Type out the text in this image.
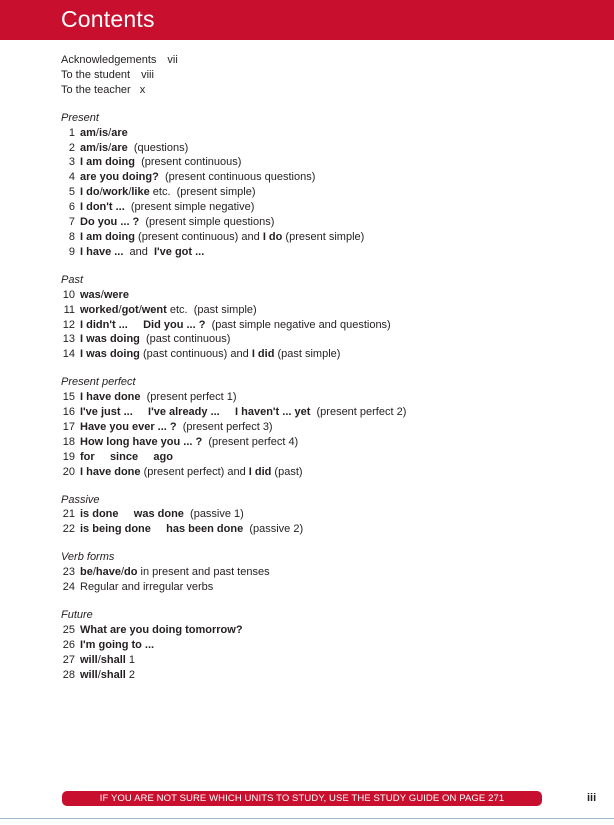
Contents
Acknowledgements vii
To the student viii
To the teacher x
Present
1 am/is/are
2 am/is/are  (questions)
3 I am doing  (present continuous)
4 are you doing?  (present continuous questions)
5 I do/work/like etc.  (present simple)
6 I don't ...  (present simple negative)
7 Do you ... ?  (present simple questions)
8 I am doing (present continuous) and I do (present simple)
9 I have ...  and  I've got ...
Past
10 was/were
11 worked/got/went etc.  (past simple)
12 I didn't ...     Did you ... ?  (past simple negative and questions)
13 I was doing  (past continuous)
14 I was doing (past continuous) and I did (past simple)
Present perfect
15 I have done  (present perfect 1)
16 I've just ...     I've already ...     I haven't ... yet  (present perfect 2)
17 Have you ever ... ?  (present perfect 3)
18 How long have you ... ?  (present perfect 4)
19 for     since     ago
20 I have done (present perfect) and I did (past)
Passive
21 is done     was done  (passive 1)
22 is being done     has been done  (passive 2)
Verb forms
23 be/have/do in present and past tenses
24 Regular and irregular verbs
Future
25 What are you doing tomorrow?
26 I'm going to ...
27 will/shall 1
28 will/shall 2
IF YOU ARE NOT SURE WHICH UNITS TO STUDY, USE THE STUDY GUIDE ON PAGE 271	iii
